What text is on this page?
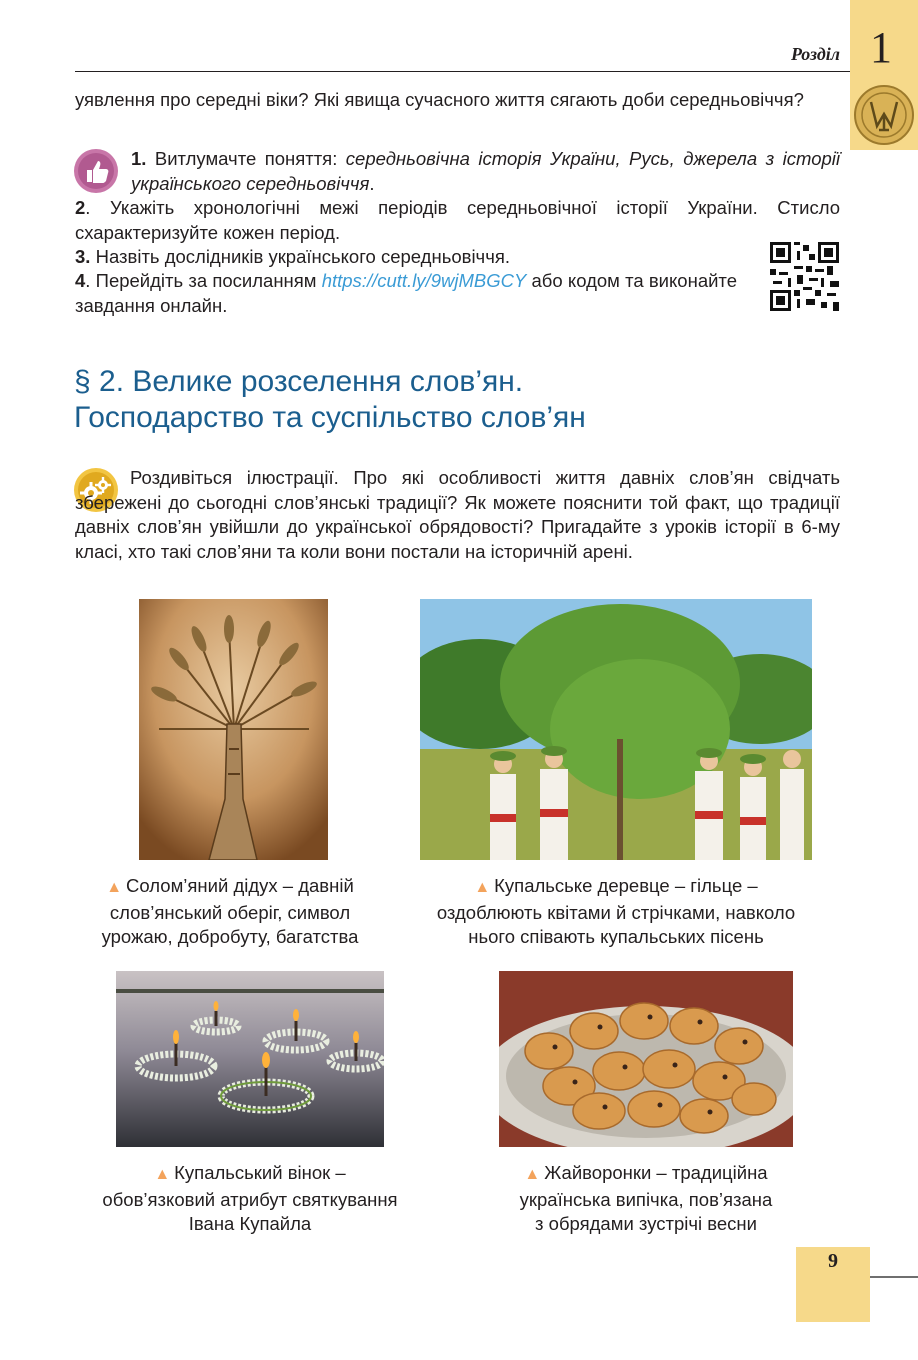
Розділ 1
уявлення про середні віки? Які явища сучасного життя сягають доби середньовіччя?
1. Витлумачте поняття: середньовічна історія України, Русь, джерела з історії українського середньовіччя.
2. Укажіть хронологічні межі періодів середньовічної історії України. Стисло схарактеризуйте кожен період.
3. Назвіть дослідників українського середньовіччя.
4. Перейдіть за посиланням https://cutt.ly/9wjMBGCY або кодом та виконайте завдання онлайн.
§ 2. Велике розселення слов’ян.
Господарство та суспільство слов’ян
Роздивіться ілюстрації. Про які особливості життя давніх слов’ян свідчать збережені до сьогодні слов’янські традиції? Як можете пояснити той факт, що традиції давніх слов’ян увійшли до української обрядовості? Пригадайте з уроків історії в 6-му класі, хто такі слов’яни та коли вони постали на історичній арені.
▲ Солом’яний дідух – давній
слов’янський оберіг, символ
урожаю, добробуту, багатства
▲ Купальське деревце – гільце –
оздоблюють квітами й стрічками, навколо
нього співають купальських пісень
▲ Купальський вінок –
обов’язковий атрибут святкування
Івана Купайла
▲ Жайворонки – традиційна
українська випічка, пов’язана
з обрядами зустрічі весни
9
